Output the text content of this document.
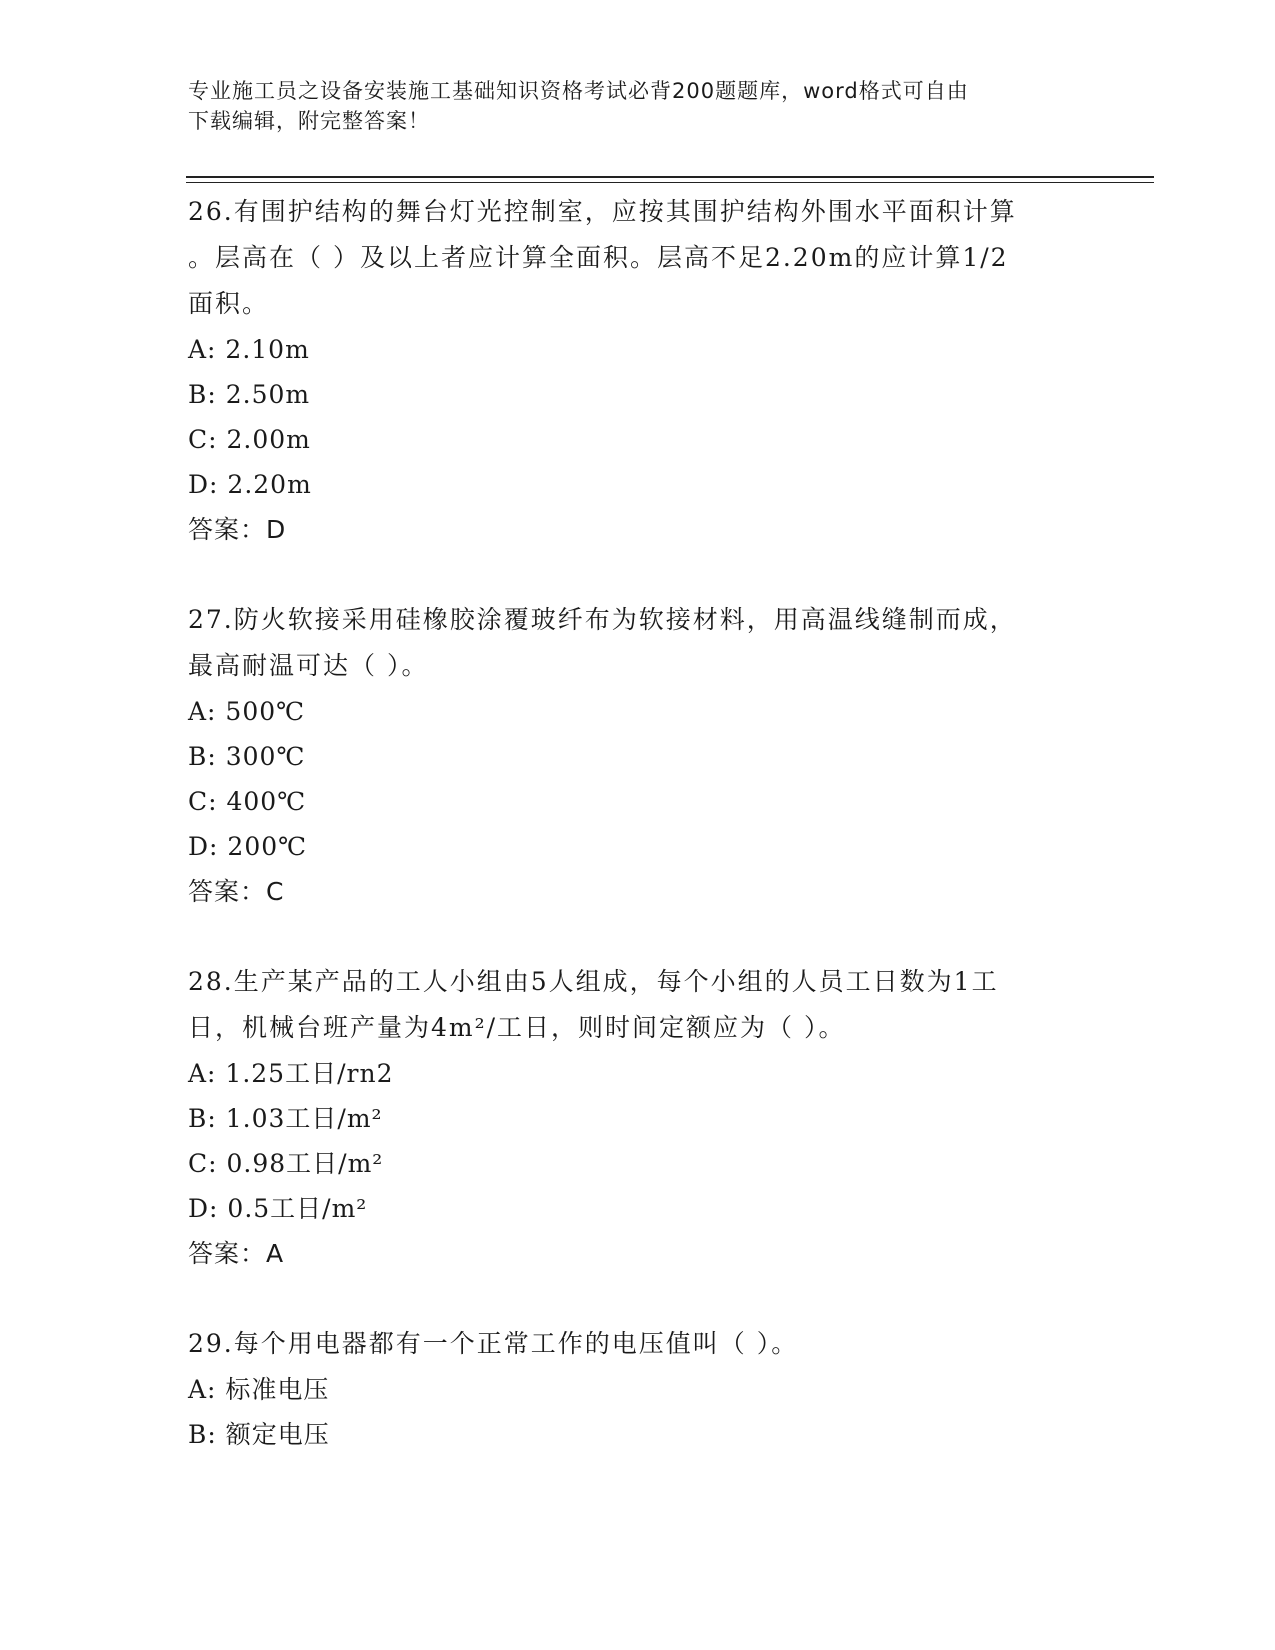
专业施工员之设备安装施工基础知识资格考试必背200题题库，word格式可自由
下载编辑，附完整答案！

26.有围护结构的舞台灯光控制室，应按其围护结构外围水平面积计算
。层高在（ ）及以上者应计算全面积。层高不足2.20m的应计算1/2
面积。

A: 2.10m

B: 2.50m

C: 2.00m

D: 2.20m

答案：D

27.防火软接采用硅橡胶涂覆玻纤布为软接材料，用高温线缝制而成，
最高耐温可达（ ）。

A: 500℃

B: 300℃

C: 400℃

D: 200℃

答案：C

28.生产某产品的工人小组由5人组成，每个小组的人员工日数为1工
日，机械台班产量为4m²/工日，则时间定额应为（ ）。

A: 1.25工日/rn2

B: 1.03工日/m²

C: 0.98工日/m²

D: 0.5工日/m²

答案：A

29.每个用电器都有一个正常工作的电压值叫（ ）。

A: 标准电压

B: 额定电压
